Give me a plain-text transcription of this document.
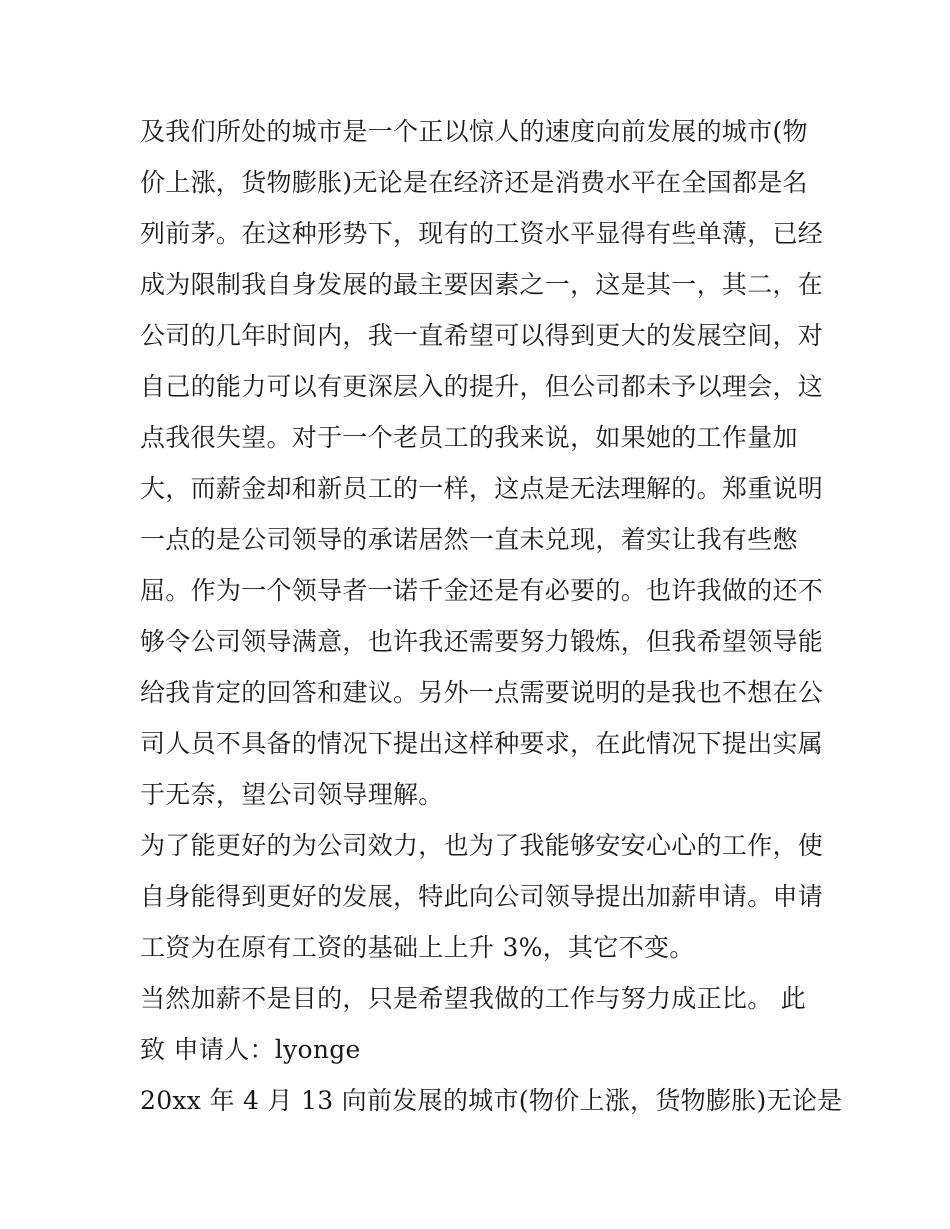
及我们所处的城市是一个正以惊人的速度向前发展的城市(物
价上涨，货物膨胀)无论是在经济还是消费水平在全国都是名
列前茅。在这种形势下，现有的工资水平显得有些单薄，已经
成为限制我自身发展的最主要因素之一，这是其一，其二，在
公司的几年时间内，我一直希望可以得到更大的发展空间，对
自己的能力可以有更深层入的提升，但公司都未予以理会，这
点我很失望。对于一个老员工的我来说，如果她的工作量加
大，而薪金却和新员工的一样，这点是无法理解的。郑重说明
一点的是公司领导的承诺居然一直未兑现，着实让我有些憋
屈。作为一个领导者一诺千金还是有必要的。也许我做的还不
够令公司领导满意，也许我还需要努力锻炼，但我希望领导能
给我肯定的回答和建议。另外一点需要说明的是我也不想在公
司人员不具备的情况下提出这样种要求，在此情况下提出实属
于无奈，望公司领导理解。
为了能更好的为公司效力，也为了我能够安安心心的工作，使
自身能得到更好的发展，特此向公司领导提出加薪申请。申请
工资为在原有工资的基础上上升 3%，其它不变。
当然加薪不是目的，只是希望我做的工作与努力成正比。 此
致 申请人：lyonge
20xx 年 4 月 13 向前发展的城市(物价上涨，货物膨胀)无论是
